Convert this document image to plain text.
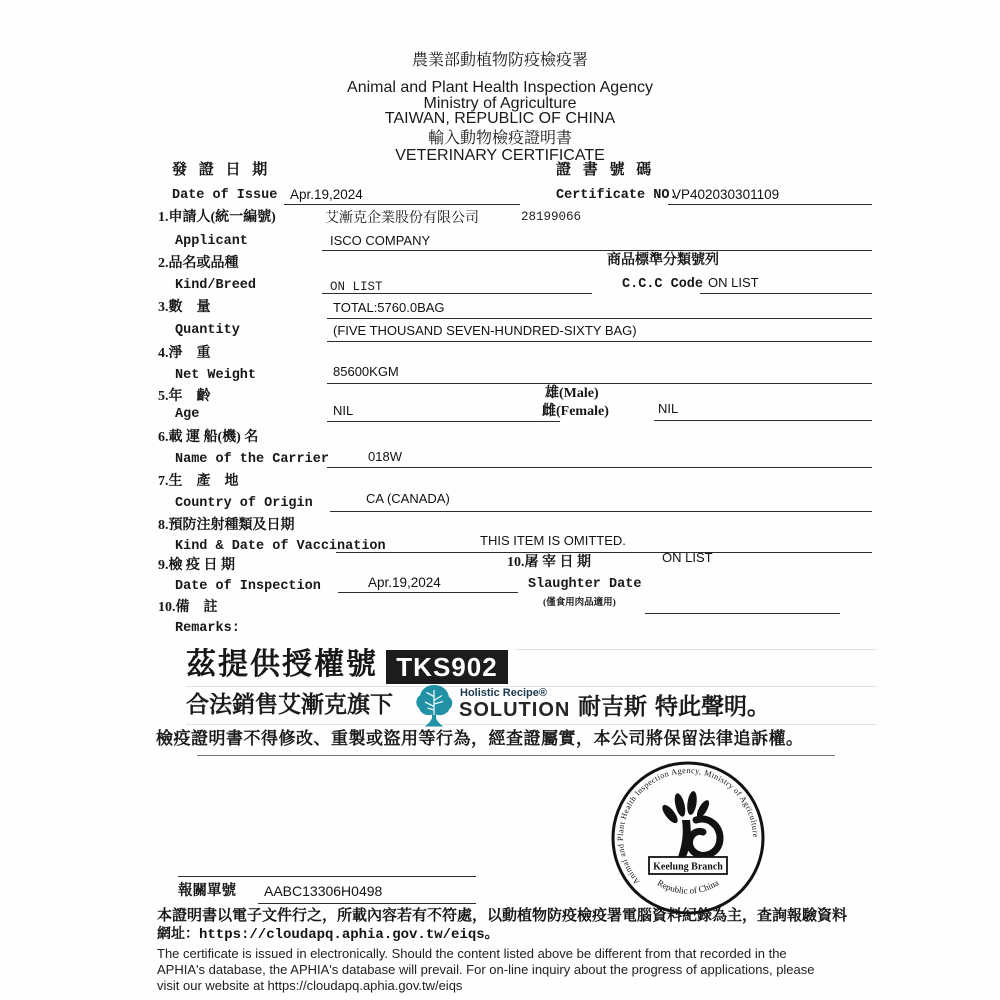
農業部動植物防疫檢疫署
Animal and Plant Health Inspection Agency
Ministry of Agriculture
TAIWAN, REPUBLIC OF CHINA
輸入動物檢疫證明書
VETERINARY CERTIFICATE
發 證 日 期
Date of Issue Apr.19,2024
證 書 號 碼
Certificate NO.
VP402030301109
1.申請人(統一編號)	艾漸克企業股份有限公司	28199066
Applicant	ISCO COMPANY
2.品名或品種	商品標準分類號列
Kind/Breed	ON LIST	C.C.C Code ON LIST
3.數　量	TOTAL:5760.0BAG
Quantity	(FIVE THOUSAND SEVEN-HUNDRED-SIXTY BAG)
4.淨　重
Net Weight	85600KGM
5.年　齡	雄(Male)
Age	NIL	雌(Female)	NIL
6.載 運 船(機) 名
Name of the Carrier	018W
7.生　產　地
Country of Origin	CA (CANADA)
8.預防注射種類及日期
Kind & Date of Vaccination	THIS ITEM IS OMITTED.
9.檢 疫 日 期	10.屠 宰 日 期	ON LIST
Date of Inspection	Apr.19,2024	Slaughter Date
10.備　註	(僅食用肉品適用)
Remarks:
茲提供授權號 TKS902
合法銷售艾漸克旗下	Holistic Recipe®
SOLUTION 耐吉斯 特此聲明。
檢疫證明書不得修改、重製或盜用等行為，經查證屬實，本公司將保留法律追訴權。
Animal and Plant Health Inspection Agency, Ministry of Agriculture
Keelung Branch
Republic of China
報關單號 AABC13306H0498
本證明書以電子文件行之，所載內容若有不符處，以動植物防疫檢疫署電腦資料紀錄為主，查詢報驗資料
網址：https://cloudapq.aphia.gov.tw/eiqs。
The certificate is issued in electronically. Should the content listed above be different from that recorded in the
APHIA's database, the APHIA's database will prevail. For on-line inquiry about the progress of applications, please
visit our website at https://cloudapq.aphia.gov.tw/eiqs
